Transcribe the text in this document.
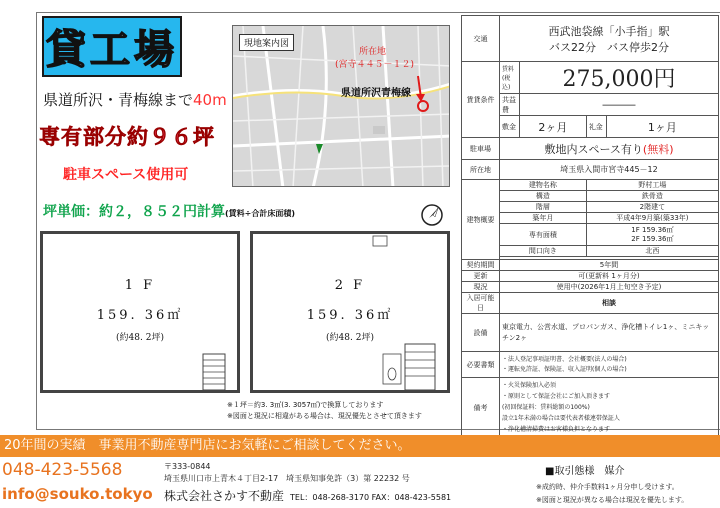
貸工場
県道所沢・青梅線まで40m
専有部分約９６坪
駐車スペース使用可
坪単価：約２，８５２円計算(賃料÷合計床面積)
現地案内図
所在地
(宮寺４４５－１２)
県道所沢青梅線
1 F
159. 36㎡
(約48. 2坪)
2 F
159. 36㎡
(約48. 2坪)
※１坪＝約3. 3㎡(3. 3057㎡)で換算しております
※図面と現況に相違がある場合は、現況優先とさせて頂きます
交通	西武池袋線「小手指」駅
バス22分　バス停歩2分			

賃貸条件	賃料(税込)	275,000円		
	共益費	―――		
	敷金	2ヶ月	礼金	1ヶ月
駐車場	敷地内スペース有り(無料)			
所在地	埼玉県入間市宮寺445－12			
建物概要	建物名称		野村工場	
	構造		鉄骨造	
	階層		2階建て	
	築年月		平成4年9月築(築33年)	
	専有面積		1F 159.36㎡
2F 159.36㎡	

	間口向き		北西	

契約期間	5年間			
更新	可(更新料 1ヶ月分)			
現況	使用中(2026年1月上旬空き予定)			
入居可能日	相談			
設備	東京電力、公営水道、プロパンガス、浄化槽トイレ1ヶ、ミニキッチン2ヶ			
必要書類	・法人登記事項証明書、会社概要(法人の場合)
・運転免許証、保険証、収入証明(個人の場合)			

備考	・火災保険加入必須
・原則として保証会社にご加入頂きます
(初回保証料：賃料総額の100%)
設立1年未満の場合は要代表者様連帯保証人
・浄化槽清掃費はお客様負担となります			
20年間の実績　事業用不動産専門店にお気軽にご相談してください。
048-423-5568
info@souko.tokyo
〒333-0844
埼玉県川口市上青木４丁目2-17　埼玉県知事免許（3）第 22232 号
株式会社さかす不動産 TEL：048-268-3170 FAX：048-423-5581
■取引態様　媒介
※成約時、仲介手数料1ヶ月分申し受けます。
※図面と現況が異なる場合は現況を優先します。
